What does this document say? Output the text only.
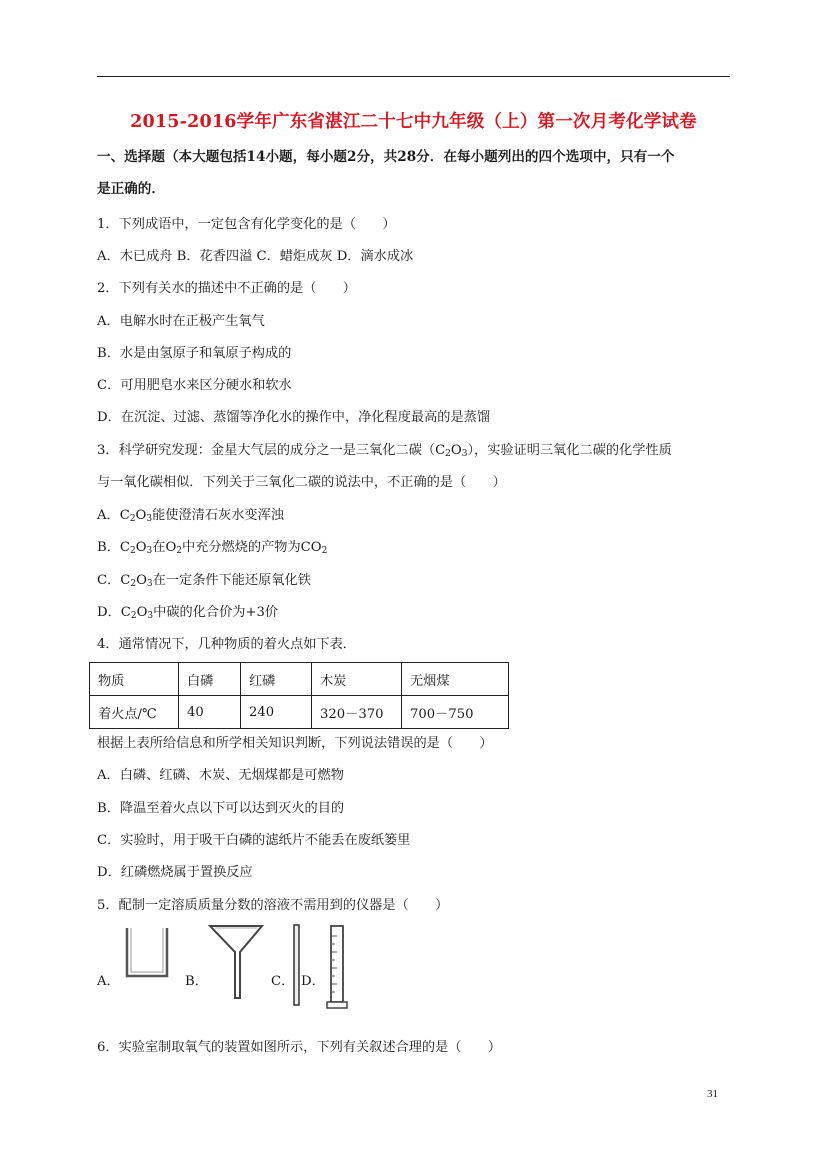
2015-2016学年广东省湛江二十七中九年级（上）第一次月考化学试卷
一、选择题（本大题包括14小题，每小题2分，共28分．在每小题列出的四个选项中，只有一个
是正确的．
1．下列成语中，一定包含有化学变化的是（　　）
A．木已成舟 B．花香四溢 C．蜡炬成灰 D．滴水成冰
2．下列有关水的描述中不正确的是（　　）
A．电解水时在正极产生氧气
B．水是由氢原子和氧原子构成的
C．可用肥皂水来区分硬水和软水
D．在沉淀、过滤、蒸馏等净化水的操作中，净化程度最高的是蒸馏
3．科学研究发现：金星大气层的成分之一是三氧化二碳$(C_2O_3)$，实验证明三氧化二碳的化学性质
与一氧化碳相似．下列关于三氧化二碳的说法中，不正确的是（　　）
A．$C_2O_3$能使澄清石灰水变浑浊
B．$C_2O_3$在$O_2$中充分燃烧的产物为$CO_2$
C．$C_2O_3$在一定条件下能还原氧化铁
D．$C_2O_3$中碳的化合价为+3价
4．通常情况下，几种物质的着火点如下表．
物质	白磷	红磷	木炭	无烟煤
着火点/℃	40	240	320－370	700－750
根据上表所给信息和所学相关知识判断，下列说法错误的是（　　）
A．白磷、红磷、木炭、无烟煤都是可燃物
B．降温至着火点以下可以达到灭火的目的
C．实验时，用于吸干白磷的滤纸片不能丢在废纸篓里
D．红磷燃烧属于置换反应
5．配制一定溶质质量分数的溶液不需用到的仪器是（　　）
A．	B．	C． D．
6．实验室制取氧气的装置如图所示，下列有关叙述合理的是（　　）
31
